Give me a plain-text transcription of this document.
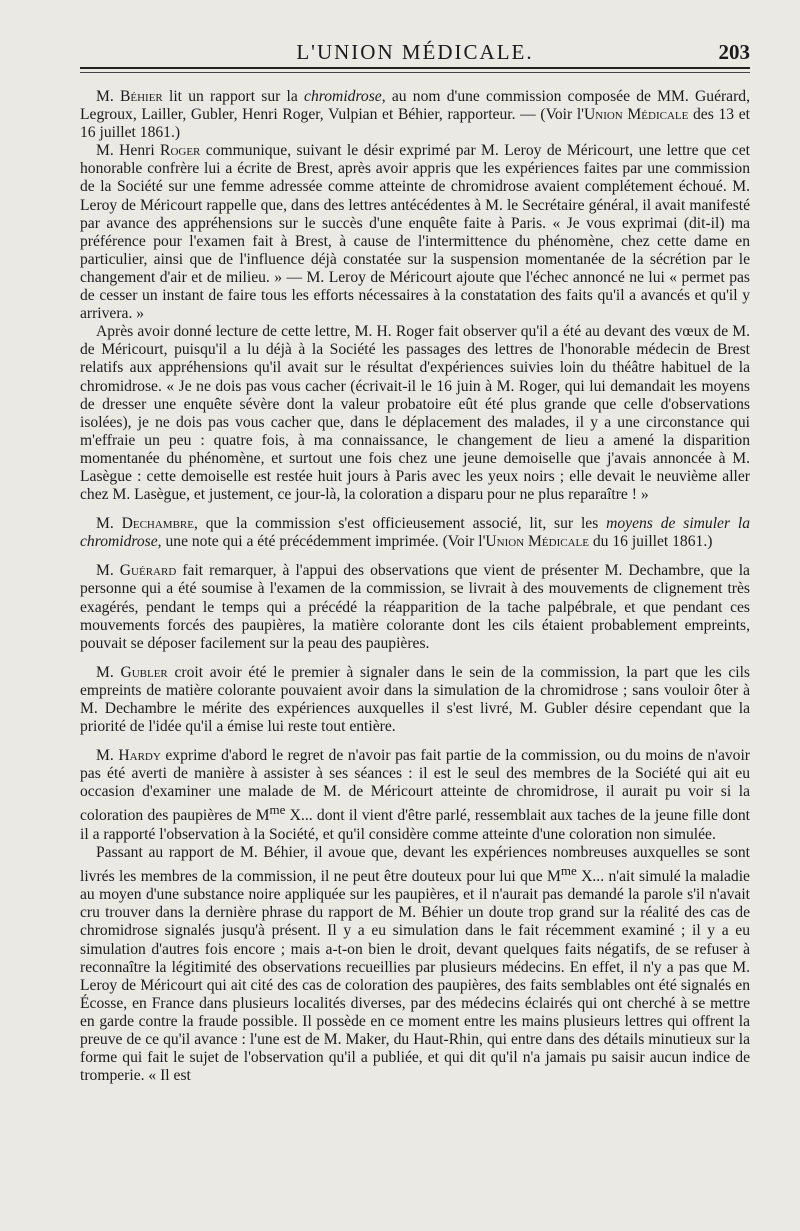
L'UNION MÉDICALE.	203

M. Béhier lit un rapport sur la chromidrose, au nom d'une commission composée de MM. Guérard, Legroux, Lailler, Gubler, Henri Roger, Vulpian et Béhier, rapporteur. — (Voir l'Union Médicale des 13 et 16 juillet 1861.)

M. Henri Roger communique, suivant le désir exprimé par M. Leroy de Méricourt, une lettre que cet honorable confrère lui a écrite de Brest, après avoir appris que les expériences faites par une commission de la Société sur une femme adressée comme atteinte de chromidrose avaient complétement échoué. M. Leroy de Méricourt rappelle que, dans des lettres antécédentes à M. le Secrétaire général, il avait manifesté par avance des appréhensions sur le succès d'une enquête faite à Paris. « Je vous exprimai (dit-il) ma préférence pour l'examen fait à Brest, à cause de l'intermittence du phénomène, chez cette dame en particulier, ainsi que de l'influence déjà constatée sur la suspension momentanée de la sécrétion par le changement d'air et de milieu. » — M. Leroy de Méricourt ajoute que l'échec annoncé ne lui « permet pas de cesser un instant de faire tous les efforts nécessaires à la constatation des faits qu'il a avancés et qu'il y arrivera. »

Après avoir donné lecture de cette lettre, M. H. Roger fait observer qu'il a été au devant des vœux de M. de Méricourt, puisqu'il a lu déjà à la Société les passages des lettres de l'honorable médecin de Brest relatifs aux appréhensions qu'il avait sur le résultat d'expériences suivies loin du théâtre habituel de la chromidrose. « Je ne dois pas vous cacher (écrivait-il le 16 juin à M. Roger, qui lui demandait les moyens de dresser une enquête sévère dont la valeur probatoire eût été plus grande que celle d'observations isolées), je ne dois pas vous cacher que, dans le déplacement des malades, il y a une circonstance qui m'effraie un peu : quatre fois, à ma connaissance, le changement de lieu a amené la disparition momentanée du phénomène, et surtout une fois chez une jeune demoiselle que j'avais annoncée à M. Lasègue : cette demoiselle est restée huit jours à Paris avec les yeux noirs ; elle devait le neuvième aller chez M. Lasègue, et justement, ce jour-là, la coloration a disparu pour ne plus reparaître ! »

M. Dechambre, que la commission s'est officieusement associé, lit, sur les moyens de simuler la chromidrose, une note qui a été précédemment imprimée. (Voir l'Union Médicale du 16 juillet 1861.)

M. Guérard fait remarquer, à l'appui des observations que vient de présenter M. Dechambre, que la personne qui a été soumise à l'examen de la commission, se livrait à des mouvements de clignement très exagérés, pendant le temps qui a précédé la réapparition de la tache palpébrale, et que pendant ces mouvements forcés des paupières, la matière colorante dont les cils étaient probablement empreints, pouvait se déposer facilement sur la peau des paupières.

M. Gubler croit avoir été le premier à signaler dans le sein de la commission, la part que les cils empreints de matière colorante pouvaient avoir dans la simulation de la chromidrose ; sans vouloir ôter à M. Dechambre le mérite des expériences auxquelles il s'est livré, M. Gubler désire cependant que la priorité de l'idée qu'il a émise lui reste tout entière.

M. Hardy exprime d'abord le regret de n'avoir pas fait partie de la commission, ou du moins de n'avoir pas été averti de manière à assister à ses séances : il est le seul des membres de la Société qui ait eu occasion d'examiner une malade de M. de Méricourt atteinte de chromidrose, il aurait pu voir si la coloration des paupières de $M^{me}$ X... dont il vient d'être parlé, ressemblait aux taches de la jeune fille dont il a rapporté l'observation à la Société, et qu'il considère comme atteinte d'une coloration non simulée.

Passant au rapport de M. Béhier, il avoue que, devant les expériences nombreuses auxquelles se sont livrés les membres de la commission, il ne peut être douteux pour lui que $M^{me}$ X... n'ait simulé la maladie au moyen d'une substance noire appliquée sur les paupières, et il n'aurait pas demandé la parole s'il n'avait cru trouver dans la dernière phrase du rapport de M. Béhier un doute trop grand sur la réalité des cas de chromidrose signalés jusqu'à présent. Il y a eu simulation dans le fait récemment examiné ; il y a eu simulation d'autres fois encore ; mais a-t-on bien le droit, devant quelques faits négatifs, de se refuser à reconnaître la légitimité des observations recueillies par plusieurs médecins. En effet, il n'y a pas que M. Leroy de Méricourt qui ait cité des cas de coloration des paupières, des faits semblables ont été signalés en Écosse, en France dans plusieurs localités diverses, par des médecins éclairés qui ont cherché à se mettre en garde contre la fraude possible. Il possède en ce moment entre les mains plusieurs lettres qui offrent la preuve de ce qu'il avance : l'une est de M. Maker, du Haut-Rhin, qui entre dans des détails minutieux sur la forme qui fait le sujet de l'observation qu'il a publiée, et qui dit qu'il n'a jamais pu saisir aucun indice de tromperie. « Il est
